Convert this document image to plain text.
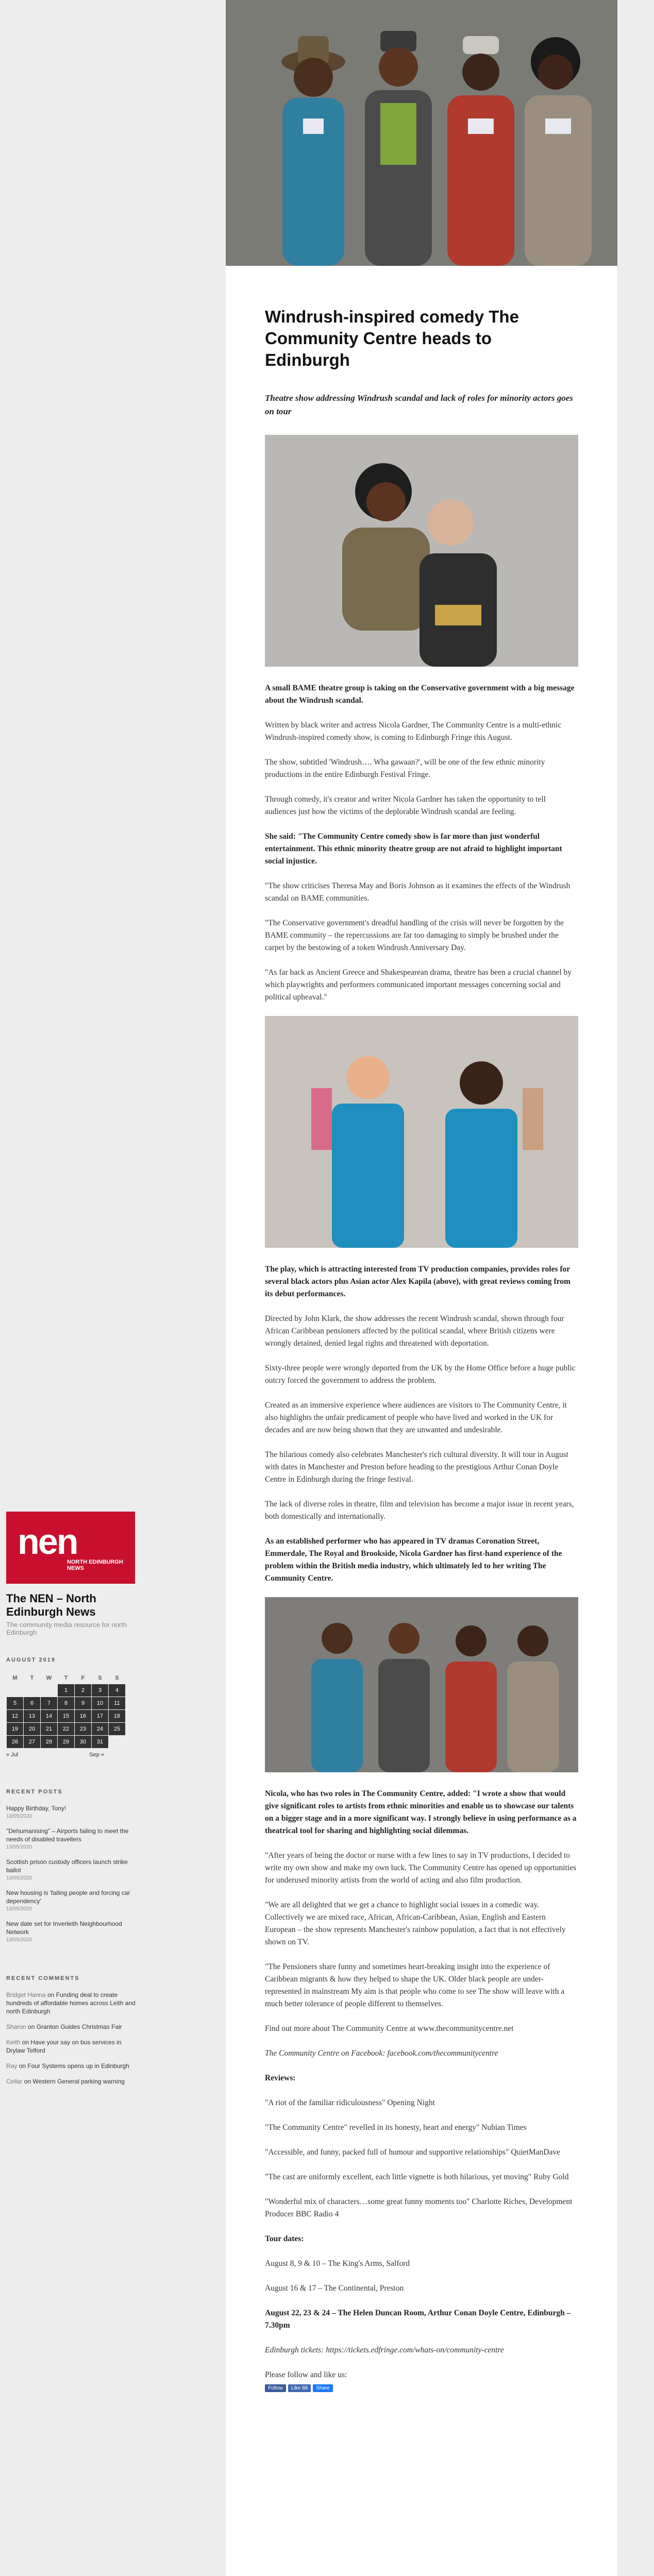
nen
NORTH EDINBURGH NEWS
The NEN – North Edinburgh News
The community media resource for north Edinburgh
AUGUST 2019
M	T	W	T	F	S	S
			1	2	3	4
5	6	7	8	9	10	11
12	13	14	15	16	17	18
19	20	21	22	23	24	25
26	27	28	29	30	31	
« Jul	Sep »
RECENT POSTS
Happy Birthday, Tony!
13/05/2020
"Dehumanising" – Airports failing to meet the needs of disabled travellers
13/05/2020
Scottish prison custody officers launch strike ballot
13/05/2020
New housing is 'failing people and forcing car dependency'
13/05/2020
New date set for Inverleith Neighbourhood Network
13/05/2020
RECENT COMMENTS
Bridget Hanna on Funding deal to create hundreds of affordable homes across Leith and north Edinburgh
Sharon on Granton Guides Christmas Fair
Keith on Have your say on bus services in Drylaw Telford
Ray on Four Systems opens up in Edinburgh
Cellar on Western General parking warning
Windrush-inspired comedy The Community Centre heads to Edinburgh

Theatre show addressing Windrush scandal and lack of roles for minority actors goes on tour

A small BAME theatre group is taking on the Conservative government with a big message about the Windrush scandal.

Written by black writer and actress Nicola Gardner, The Community Centre is a multi-ethnic Windrush-inspired comedy show, is coming to Edinburgh Fringe this August.

The show, subtitled 'Windrush…. Wha gawaan?', will be one of the few ethnic minority productions in the entire Edinburgh Festival Fringe.

Through comedy, it's creator and writer Nicola Gardner has taken the opportunity to tell audiences just how the victims of the deplorable Windrush scandal are feeling.

She said: "The Community Centre comedy show is far more than just wonderful entertainment. This ethnic minority theatre group are not afraid to highlight important social injustice.

"The show criticises Theresa May and Boris Johnson as it examines the effects of the Windrush scandal on BAME communities.

"The Conservative government's dreadful handling of the crisis will never be forgotten by the BAME community – the repercussions are far too damaging to simply be brushed under the carpet by the bestowing of a token Windrush Anniversary Day.

"As far back as Ancient Greece and Shakespearean drama, theatre has been a crucial channel by which playwrights and performers communicated important messages concerning social and political upheaval."

The play, which is attracting interested from TV production companies, provides roles for several black actors plus Asian actor Alex Kapila (above), with great reviews coming from its debut performances.

Directed by John Klark, the show addresses the recent Windrush scandal, shown through four African Caribbean pensioners affected by the political scandal, where British citizens were wrongly detained, denied legal rights and threatened with deportation.

Sixty-three people were wrongly deported from the UK by the Home Office before a huge public outcry forced the government to address the problem.

Created as an immersive experience where audiences are visitors to The Community Centre, it also highlights the unfair predicament of people who have lived and worked in the UK for decades and are now being shown that they are unwanted and undesirable.

The hilarious comedy also celebrates Manchester's rich cultural diversity. It will tour in August with dates in Manchester and Preston before heading to the prestigious Arthur Conan Doyle Centre in Edinburgh during the fringe festival.

The lack of diverse roles in theatre, film and television has become a major issue in recent years, both domestically and internationally.

As an established performer who has appeared in TV dramas Coronation Street, Emmerdale, The Royal and Brookside, Nicola Gardner has first-hand experience of the problem within the British media industry, which ultimately led to her writing The Community Centre.

Nicola, who has two roles in The Community Centre, added: "I wrote a show that would give significant roles to artists from ethnic minorities and enable us to showcase our talents on a bigger stage and in a more significant way. I strongly believe in using performance as a theatrical tool for sharing and highlighting social dilemmas.

"After years of being the doctor or nurse with a few lines to say in TV productions, I decided to write my own show and make my own luck. The Community Centre has opened up opportunities for underused minority artists from the world of acting and also film production.

"We are all delighted that we get a chance to highlight social issues in a comedic way. Collectively we are mixed race, African, African-Caribbean, Asian, English and Eastern European – the show represents Manchester's rainbow population, a fact that is not effectively shown on TV.

"The Pensioners share funny and sometimes heart-breaking insight into the experience of Caribbean migrants & how they helped to shape the UK. Older black people are under-represented in mainstream My aim is that people who come to see The show will leave with a much better tolerance of people different to themselves.

Find out more about The Community Centre at www.thecommunitycentre.net

The Community Centre on Facebook: facebook.com/thecommunitycentre

Reviews:

"A riot of the familiar ridiculousness" Opening Night

"The Community Centre" revelled in its honesty, heart and energy" Nubian Times

"Accessible, and funny, packed full of humour and supportive relationships" QuietManDave

"The cast are uniformly excellent, each little vignette is both hilarious, yet moving" Ruby Gold

"Wonderful mix of characters…some great funny moments too" Charlotte Riches, Development Producer BBC Radio 4

Tour dates:

August 8, 9 & 10 – The King's Arms, Salford

August 16 & 17 – The Continental, Preston

August 22, 23 & 24 – The Helen Duncan Room, Arthur Conan Doyle Centre, Edinburgh – 7.30pm

Edinburgh tickets: https://tickets.edfringe.com/whats-on/community-centre

Please follow and like us:

Follow	Like 88	Share
